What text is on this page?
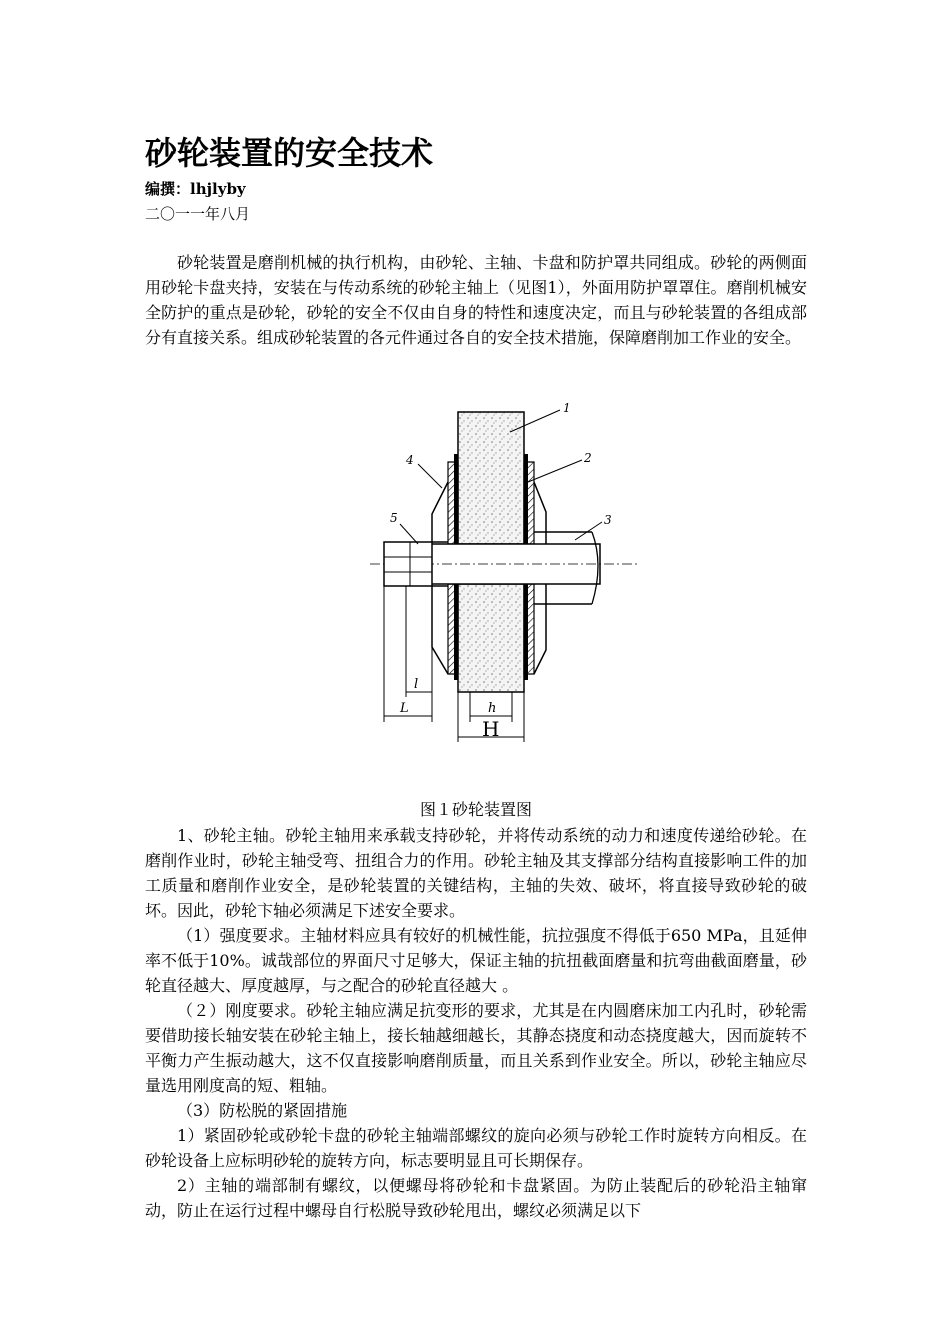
砂轮装置的安全技术
编撰：lhjlyby
二〇一一年八月

砂轮装置是磨削机械的执行机构，由砂轮、主轴、卡盘和防护罩共同组成。砂轮的两侧面用砂轮卡盘夹持，安装在与传动系统的砂轮主轴上（见图1），外面用防护罩罩住。磨削机械安全防护的重点是砂轮，砂轮的安全不仅由自身的特性和速度决定，而且与砂轮装置的各组成部分有直接关系。组成砂轮装置的各元件通过各自的安全技术措施，保障磨削加工作业的安全。

1
2
3
4
5
l
L	h
H
图１砂轮装置图

1、砂轮主轴。砂轮主轴用来承载支持砂轮，并将传动系统的动力和速度传递给砂轮。在磨削作业时，砂轮主轴受弯、扭组合力的作用。砂轮主轴及其支撑部分结构直接影响工件的加工质量和磨削作业安全，是砂轮装置的关键结构，主轴的失效、破坏，将直接导致砂轮的破坏。因此，砂轮卞轴必须满足下述安全要求。

（1）强度要求。主轴材料应具有较好的机械性能，抗拉强度不得低于650 MPa，且延伸率不低于10%。诚哉部位的界面尺寸足够大，保证主轴的抗扭截面磨量和抗弯曲截面磨量，砂轮直径越大、厚度越厚，与之配合的砂轮直径越大 。

（２）刚度要求。砂轮主轴应满足抗变形的要求，尤其是在内圆磨床加工内孔时，砂轮需要借助接长轴安装在砂轮主轴上，接长轴越细越长，其静态挠度和动态挠度越大，因而旋转不平衡力产生振动越大，这不仅直接影响磨削质量，而且关系到作业安全。所以，砂轮主轴应尽量选用刚度高的短、粗轴。

（3）防松脱的紧固措施

1）紧固砂轮或砂轮卡盘的砂轮主轴端部螺纹的旋向必须与砂轮工作时旋转方向相反。在砂轮设备上应标明砂轮的旋转方向，标志要明显且可长期保存。

2）主轴的端部制有螺纹，以便螺母将砂轮和卡盘紧固。为防止装配后的砂轮沿主轴窜动，防止在运行过程中螺母自行松脱导致砂轮甩出，螺纹必须满足以下
